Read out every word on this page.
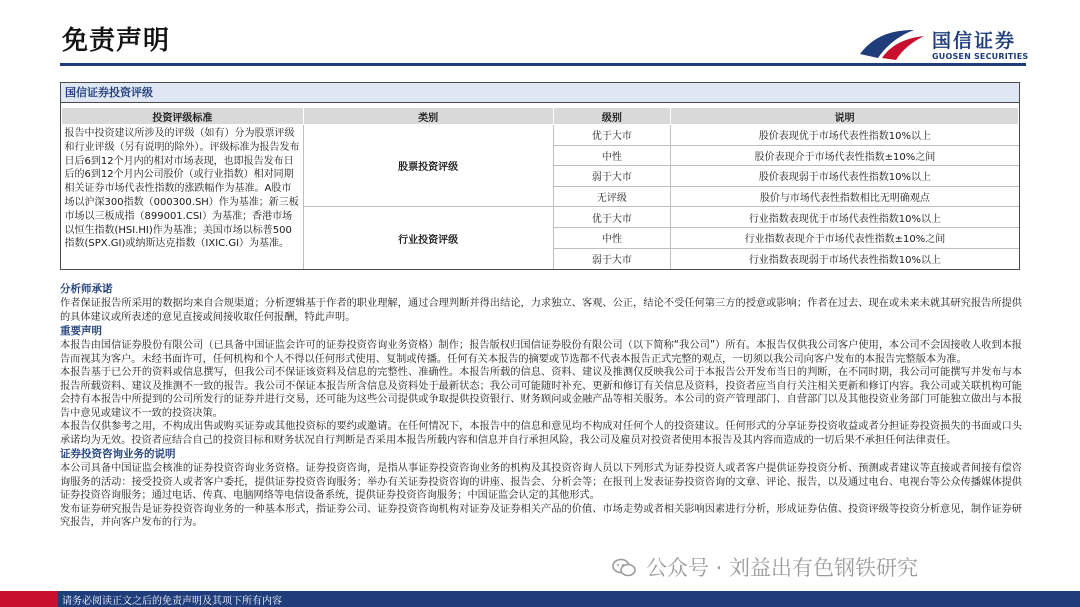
免责声明	国信证券
GUOSEN SECURITIES
国信证券投资评级
投资评级标准	类别	级别	说明
报告中投资建议所涉及的评级（如有）分为股票评级和行业评级（另有说明的除外）。评级标准为报告发布日后6到12个月内的相对市场表现，也即报告发布日后的6到12个月内公司股价（或行业指数）相对同期相关证券市场代表性指数的涨跌幅作为基准。A股市场以沪深300指数（000300.SH）作为基准；新三板市场以三板成指（899001.CSI）为基准；香港市场以恒生指数(HSI.HI)作为基准；美国市场以标普500指数(SPX.GI)或纳斯达克指数（IXIC.GI）为基准。	股票投资评级	优于大市	股价表现优于市场代表性指数10%以上
		中性	股价表现介于市场代表性指数±10%之间
		弱于大市	股价表现弱于市场代表性指数10%以上
		无评级	股价与市场代表性指数相比无明确观点
	行业投资评级	优于大市	行业指数表现优于市场代表性指数10%以上
		中性	行业指数表现介于市场代表性指数±10%之间
		弱于大市	行业指数表现弱于市场代表性指数10%以上
分析师承诺
作者保证报告所采用的数据均来自合规渠道；分析逻辑基于作者的职业理解，通过合理判断并得出结论，力求独立、客观、公正，结论不受任何第三方的授意或影响；作者在过去、现在或未来未就其研究报告所提供的具体建议或所表述的意见直接或间接收取任何报酬，特此声明。
重要声明
本报告由国信证券股份有限公司（已具备中国证监会许可的证券投资咨询业务资格）制作；报告版权归国信证券股份有限公司（以下简称“我公司”）所有。本报告仅供我公司客户使用，本公司不会因接收人收到本报告而视其为客户。未经书面许可，任何机构和个人不得以任何形式使用、复制或传播。任何有关本报告的摘要或节选都不代表本报告正式完整的观点，一切须以我公司向客户发布的本报告完整版本为准。
本报告基于已公开的资料或信息撰写，但我公司不保证该资料及信息的完整性、准确性。本报告所载的信息、资料、建议及推测仅反映我公司于本报告公开发布当日的判断，在不同时期，我公司可能撰写并发布与本报告所载资料、建议及推测不一致的报告。我公司不保证本报告所含信息及资料处于最新状态；我公司可能随时补充、更新和修订有关信息及资料，投资者应当自行关注相关更新和修订内容。我公司或关联机构可能会持有本报告中所提到的公司所发行的证券并进行交易，还可能为这些公司提供或争取提供投资银行、财务顾问或金融产品等相关服务。本公司的资产管理部门、自营部门以及其他投资业务部门可能独立做出与本报告中意见或建议不一致的投资决策。
本报告仅供参考之用，不构成出售或购买证券或其他投资标的要约或邀请。在任何情况下，本报告中的信息和意见均不构成对任何个人的投资建议。任何形式的分享证券投资收益或者分担证券投资损失的书面或口头承诺均为无效。投资者应结合自己的投资目标和财务状况自行判断是否采用本报告所载内容和信息并自行承担风险，我公司及雇员对投资者使用本报告及其内容而造成的一切后果不承担任何法律责任。
证券投资咨询业务的说明
本公司具备中国证监会核准的证券投资咨询业务资格。证券投资咨询，是指从事证券投资咨询业务的机构及其投资咨询人员以下列形式为证券投资人或者客户提供证券投资分析、预测或者建议等直接或者间接有偿咨询服务的活动：接受投资人或者客户委托，提供证券投资咨询服务；举办有关证券投资咨询的讲座、报告会、分析会等；在报刊上发表证券投资咨询的文章、评论、报告，以及通过电台、电视台等公众传播媒体提供证券投资咨询服务；通过电话、传真、电脑网络等电信设备系统，提供证券投资咨询服务；中国证监会认定的其他形式。
发布证券研究报告是证券投资咨询业务的一种基本形式，指证券公司、证券投资咨询机构对证券及证券相关产品的价值、市场走势或者相关影响因素进行分析，形成证券估值、投资评级等投资分析意见，制作证券研究报告，并向客户发布的行为。
公众号 · 刘益出有色钢铁研究
请务必阅读正文之后的免责声明及其项下所有内容
